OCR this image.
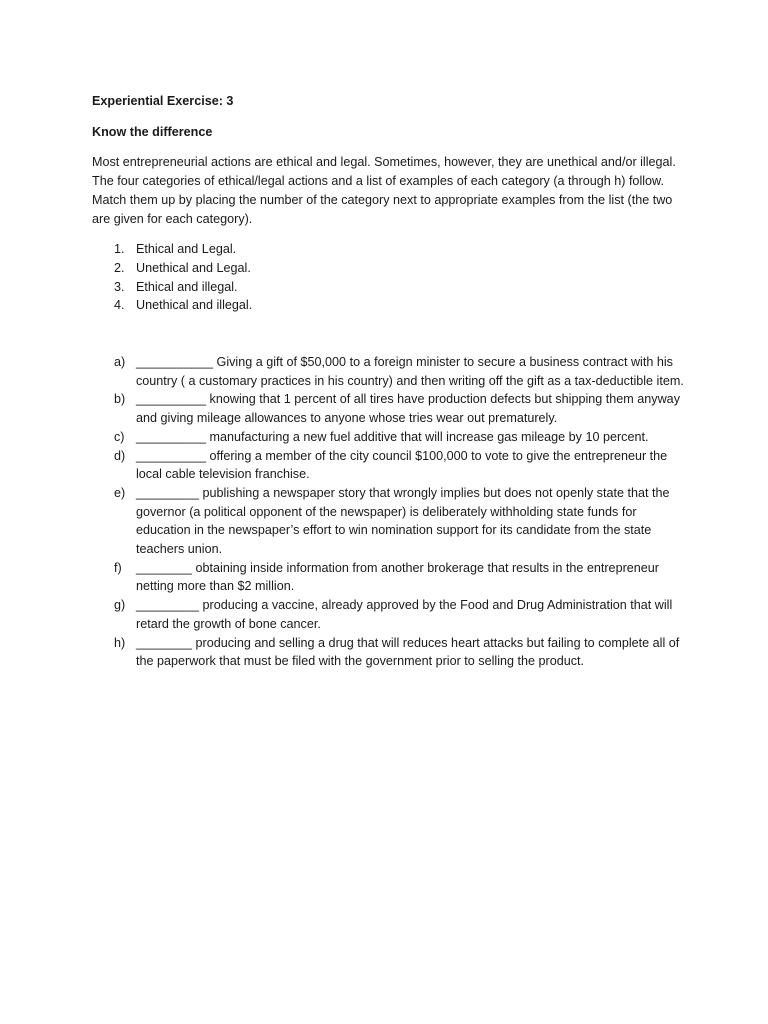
Experiential Exercise: 3
Know the difference
Most entrepreneurial actions are ethical and legal. Sometimes, however, they are unethical and/or illegal. The four categories of ethical/legal actions and a list of examples of each category (a through h) follow. Match them up by placing the number of the category next to appropriate examples from the list (the two are given for each category).
1. Ethical and Legal.
2. Unethical and Legal.
3. Ethical and illegal.
4. Unethical and illegal.
a) ___________ Giving a gift of $50,000 to a foreign minister to secure a business contract with his country ( a customary practices in his country) and then writing off the gift as a tax-deductible item.
b) __________ knowing that 1 percent of all tires have production defects but shipping them anyway and giving mileage allowances to anyone whose tries wear out prematurely.
c) __________ manufacturing a new fuel additive that will increase gas mileage by 10 percent.
d) __________ offering a member of the city council $100,000 to vote to give the entrepreneur the local cable television franchise.
e) _________ publishing a newspaper story that wrongly implies but does not openly state that the governor (a political opponent of the newspaper) is deliberately withholding state funds for education in the newspaper’s effort to win nomination support for its candidate from the state teachers union.
f)	________ obtaining inside information from another brokerage that results in the entrepreneur netting more than $2 million.
g) _________ producing a vaccine, already approved by the Food and Drug Administration that will retard the growth of bone cancer.
h) ________ producing and selling a drug that will reduces heart attacks but failing to complete all of the paperwork that must be filed with the government prior to selling the product.
